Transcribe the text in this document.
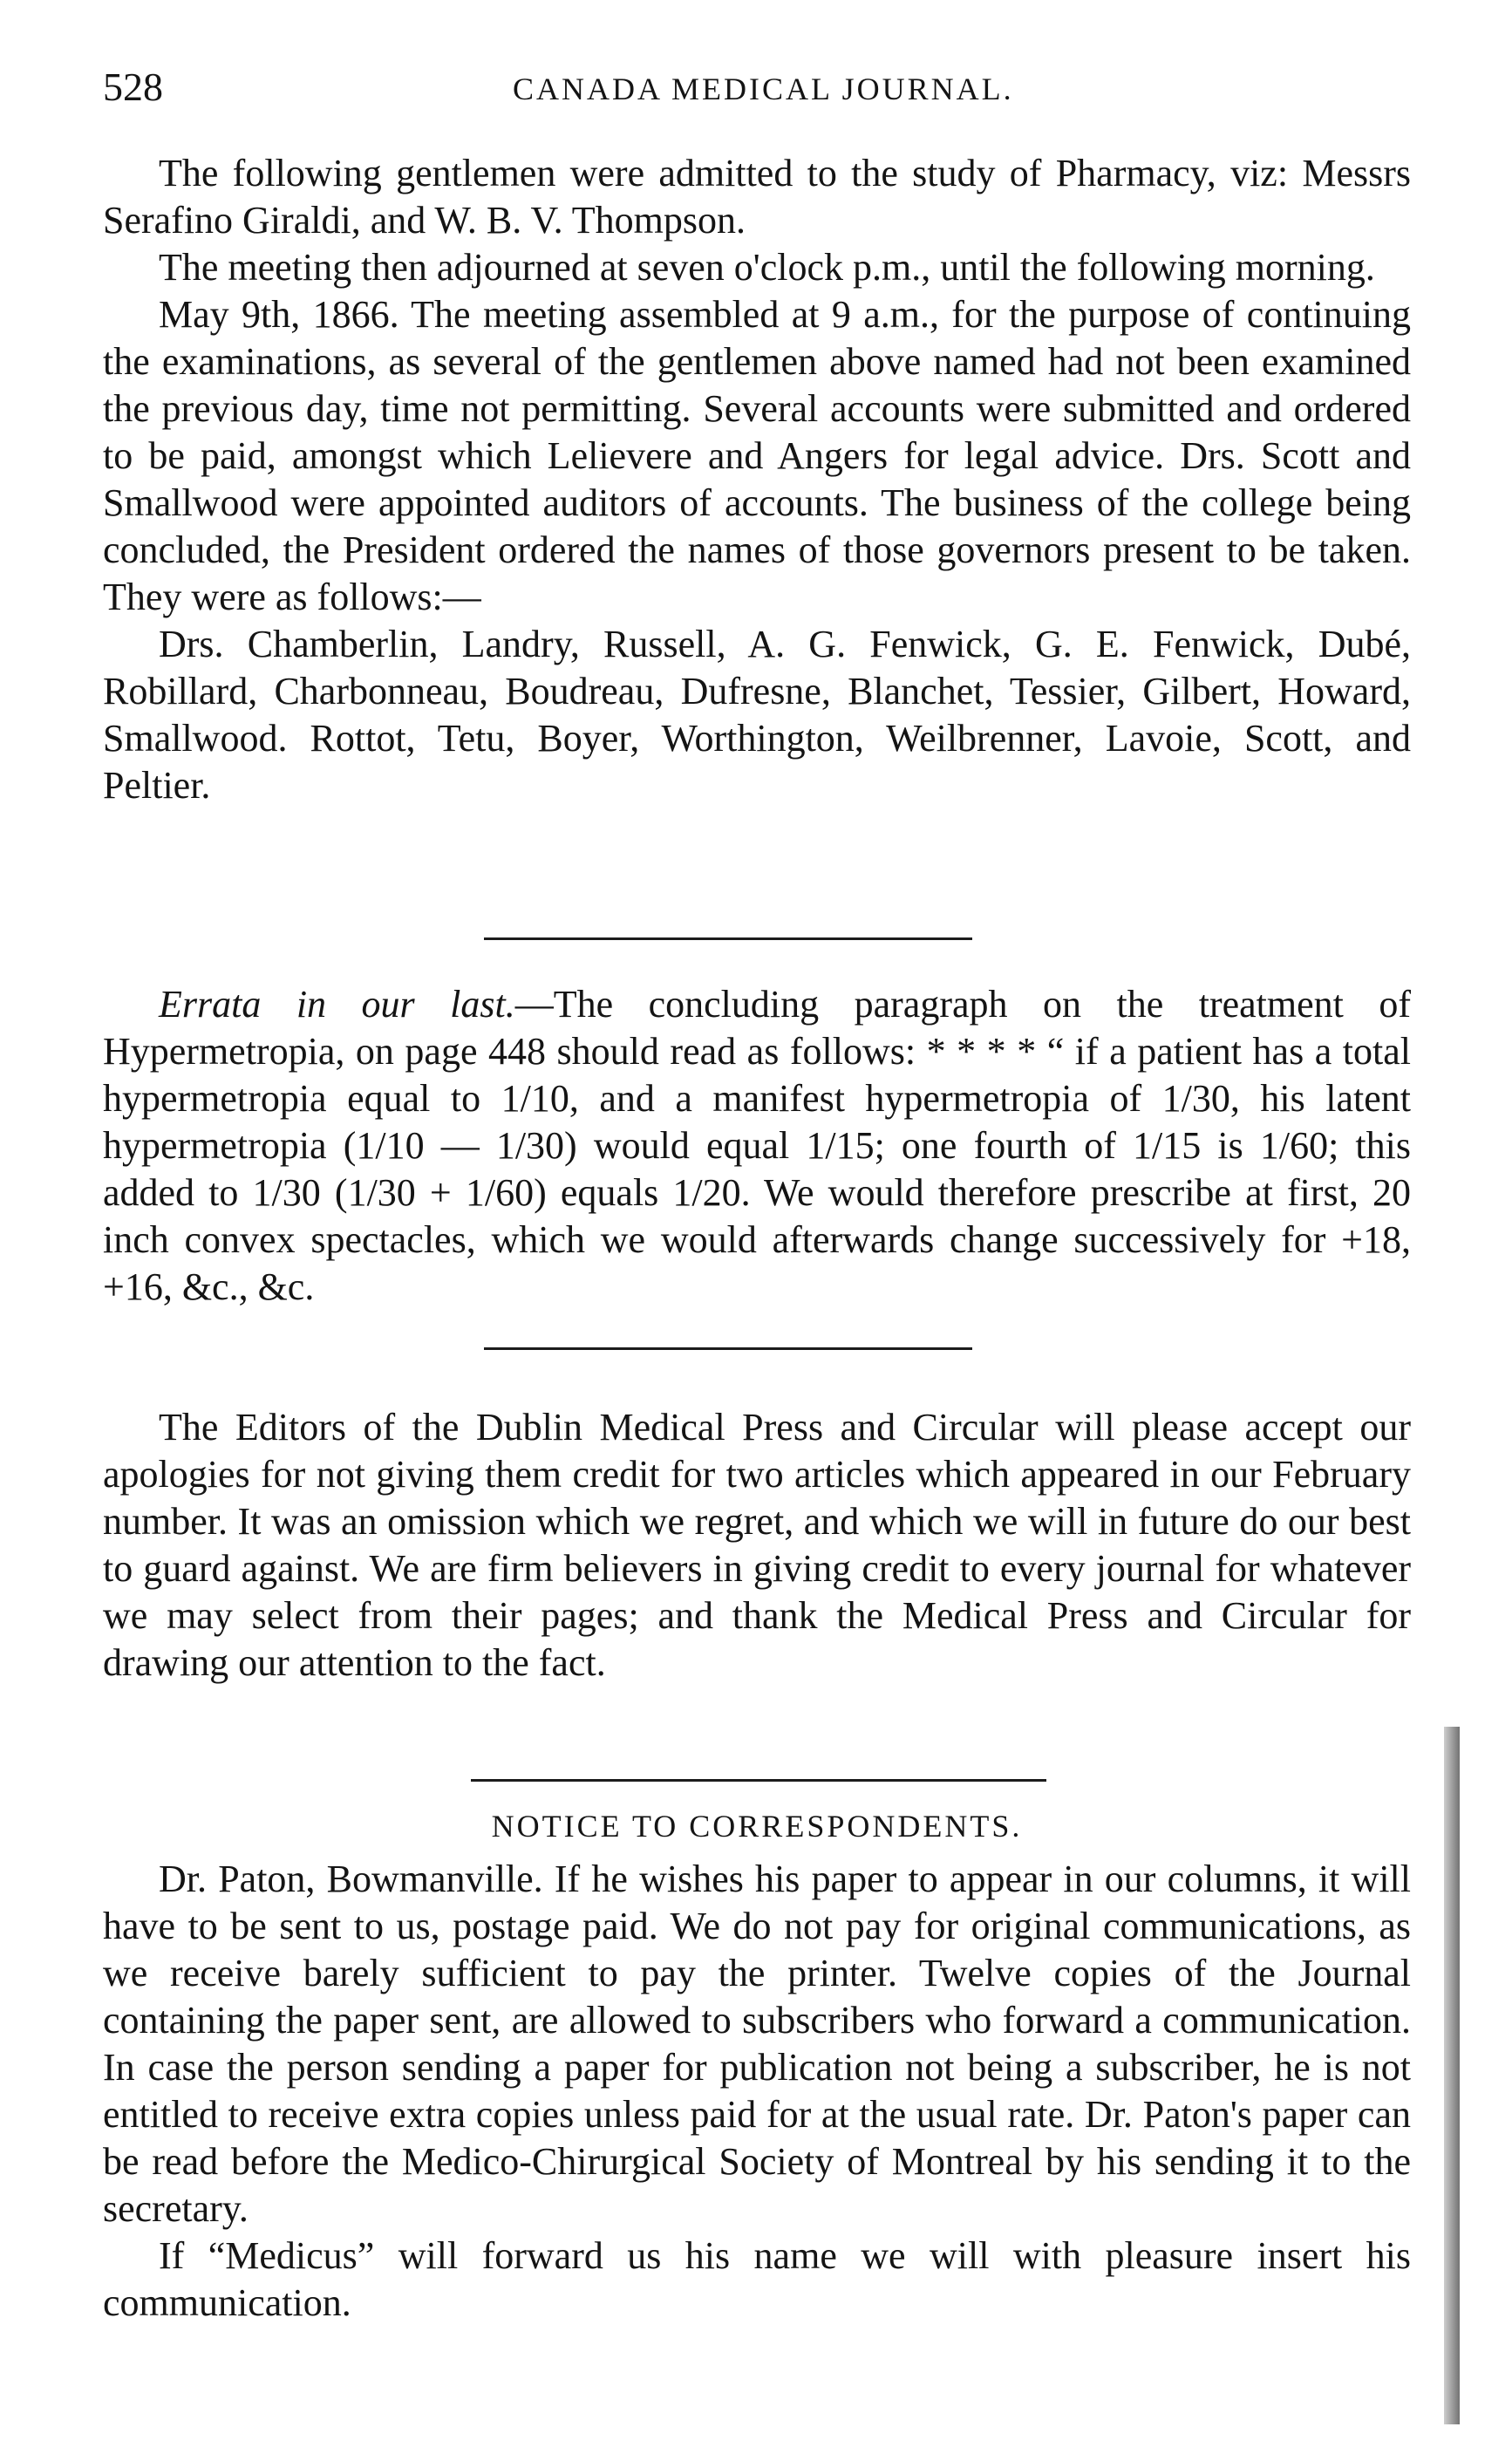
528	CANADA MEDICAL JOURNAL.

The following gentlemen were admitted to the study of Pharmacy, viz: Messrs Serafino Giraldi, and W. B. V. Thompson.

The meeting then adjourned at seven o'clock p.m., until the following morning.

May 9th, 1866. The meeting assembled at 9 a.m., for the purpose of continuing the examinations, as several of the gentlemen above named had not been examined the previous day, time not permitting. Several accounts were submitted and ordered to be paid, amongst which Lelievere and Angers for legal advice. Drs. Scott and Smallwood were appointed auditors of accounts. The business of the college being concluded, the President ordered the names of those governors present to be taken. They were as follows:—

Drs. Chamberlin, Landry, Russell, A. G. Fenwick, G. E. Fenwick, Dubé, Robillard, Charbonneau, Boudreau, Dufresne, Blanchet, Tessier, Gilbert, Howard, Smallwood. Rottot, Tetu, Boyer, Worthington, Weilbrenner, Lavoie, Scott, and Peltier.

Errata in our last.—The concluding paragraph on the treatment of Hypermetropia, on page 448 should read as follows: * * * * “ if a patient has a total hypermetropia equal to 1/10, and a manifest hypermetropia of 1/30, his latent hypermetropia (1/10 — 1/30) would equal 1/15; one fourth of 1/15 is 1/60; this added to 1/30 (1/30 + 1/60) equals 1/20. We would therefore prescribe at first, 20 inch convex spectacles, which we would afterwards change successively for +18, +16, &c., &c.

The Editors of the Dublin Medical Press and Circular will please accept our apologies for not giving them credit for two articles which appeared in our February number. It was an omission which we regret, and which we will in future do our best to guard against. We are firm believers in giving credit to every journal for whatever we may select from their pages; and thank the Medical Press and Circular for drawing our attention to the fact.

NOTICE TO CORRESPONDENTS.

Dr. Paton, Bowmanville. If he wishes his paper to appear in our columns, it will have to be sent to us, postage paid. We do not pay for original communications, as we receive barely sufficient to pay the printer. Twelve copies of the Journal containing the paper sent, are allowed to subscribers who forward a communication. In case the person sending a paper for publication not being a subscriber, he is not entitled to receive extra copies unless paid for at the usual rate. Dr. Paton's paper can be read before the Medico-Chirurgical Society of Montreal by his sending it to the secretary.

If “Medicus” will forward us his name we will with pleasure insert his communication.
